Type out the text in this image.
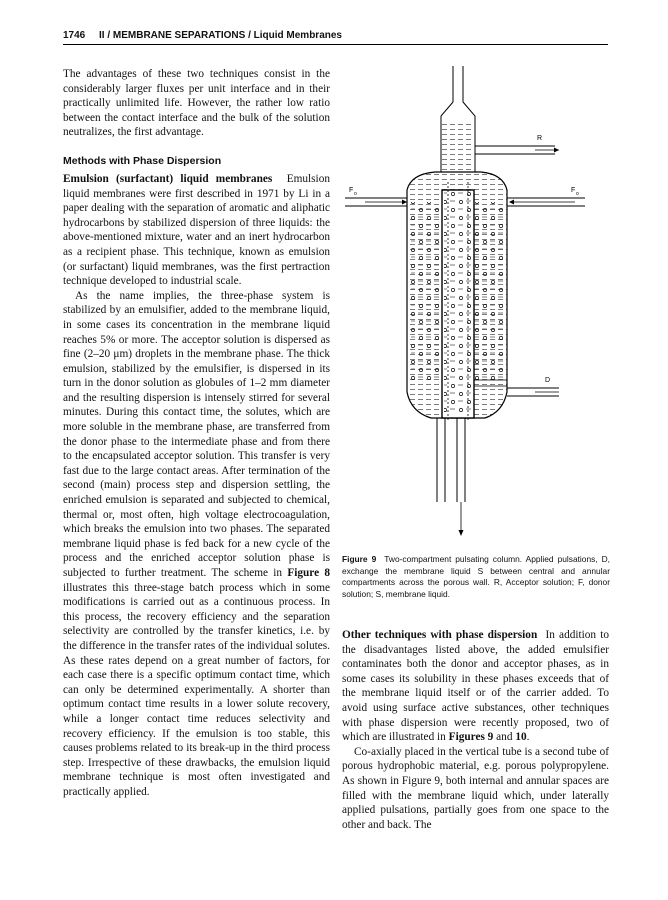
1746 II / MEMBRANE SEPARATIONS / Liquid Membranes

The advantages of these two techniques consist in the considerably larger fluxes per unit interface and in their practically unlimited life. However, the rather low ratio between the contact interface and the bulk of the solution neutralizes, the first advantage.

Methods with Phase Dispersion

Emulsion (surfactant) liquid membranes Emulsion liquid membranes were first described in 1971 by Li in a paper dealing with the separation of aromatic and aliphatic hydrocarbons by stabilized dispersion of three liquids: the above-mentioned mixture, water and an inert hydrocarbon as a recipient phase. This technique, known as emulsion (or surfactant) liquid membranes, was the first pertraction technique developed to industrial scale.

As the name implies, the three-phase system is stabilized by an emulsifier, added to the membrane liquid, in some cases its concentration in the membrane liquid reaches 5% or more. The acceptor solution is dispersed as fine (2–20 μm) droplets in the membrane phase. The thick emulsion, stabilized by the emulsifier, is dispersed in its turn in the donor solution as globules of 1–2 mm diameter and the resulting dispersion is intensely stirred for several minutes. During this contact time, the solutes, which are more soluble in the membrane phase, are transferred from the donor phase to the intermediate phase and from there to the encapsulated acceptor solution. This transfer is very fast due to the large contact areas. After termination of the second (main) process step and dispersion settling, the enriched emulsion is separated and subjected to chemical, thermal or, most often, high voltage electrocoagulation, which breaks the emulsion into two phases. The separated membrane liquid phase is fed back for a new cycle of the process and the enriched acceptor solution phase is subjected to further treatment. The scheme in Figure 8 illustrates this three-stage batch process which in some modifications is carried out as a continuous process. In this process, the recovery efficiency and the separation selectivity are controlled by the transfer kinetics, i.e. by the difference in the transfer rates of the individual solutes. As these rates depend on a great number of factors, for each case there is a specific optimum contact time, which can only be determined experimentally. A shorter than optimum contact time results in a lower solute recovery, while a longer contact time reduces selectivity and recovery efficiency. If the emulsion is too stable, this causes problems related to its break-up in the third process step. Irrespective of these drawbacks, the emulsion liquid membrane technique is most often investigated and practically applied.

R
F	F
D
o	o
Figure 9 Two-compartment pulsating column. Applied pulsations, D, exchange the membrane liquid S between central and annular compartments across the porous wall. R, Acceptor solution; F, donor solution; S, membrane liquid.

Other techniques with phase dispersion In addition to the disadvantages listed above, the added emulsifier contaminates both the donor and acceptor phases, as in some cases its solubility in these phases exceeds that of the membrane liquid itself or of the carrier added. To avoid using surface active substances, other techniques with phase dispersion were recently proposed, two of which are illustrated in Figures 9 and 10.

Co-axially placed in the vertical tube is a second tube of porous hydrophobic material, e.g. porous polypropylene. As shown in Figure 9, both internal and annular spaces are filled with the membrane liquid which, under laterally applied pulsations, partially goes from one space to the other and back. The
